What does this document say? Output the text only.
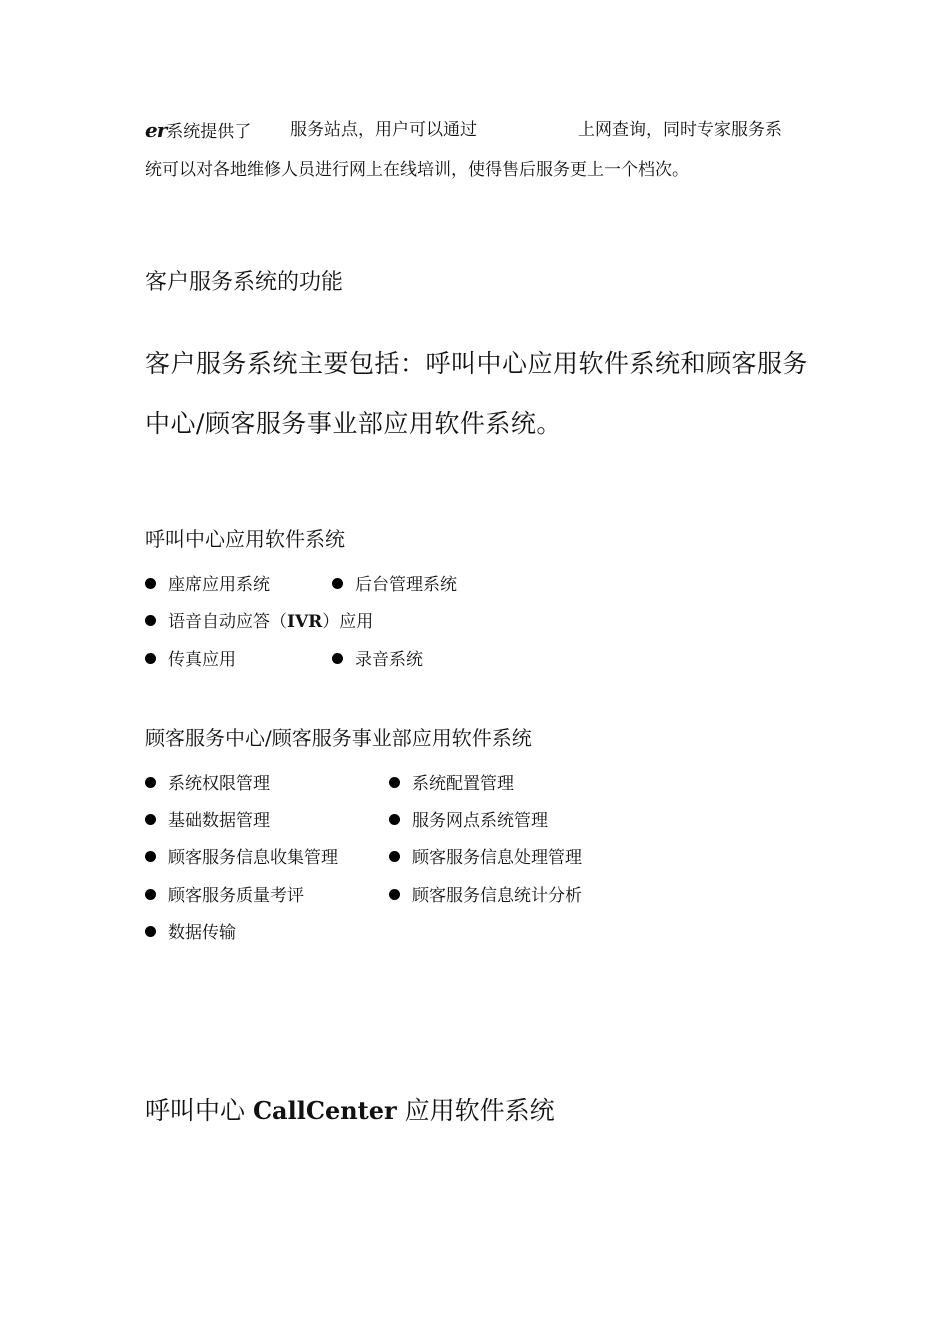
er系统提供了 服务站点，用户可以通过	上网查询，同时专家服务系
统可以对各地维修人员进行网上在线培训，使得售后服务更上一个档次。
客户服务系统的功能
客户服务系统主要包括：呼叫中心应用软件系统和顾客服务
中心/顾客服务事业部应用软件系统。
呼叫中心应用软件系统
座席应用系统	后台管理系统
语音自动应答（IVR）应用
传真应用	录音系统
顾客服务中心/顾客服务事业部应用软件系统
系统权限管理	系统配置管理
基础数据管理	服务网点系统管理
顾客服务信息收集管理	顾客服务信息处理管理
顾客服务质量考评	顾客服务信息统计分析
数据传输
呼叫中心 CallCenter 应用软件系统
